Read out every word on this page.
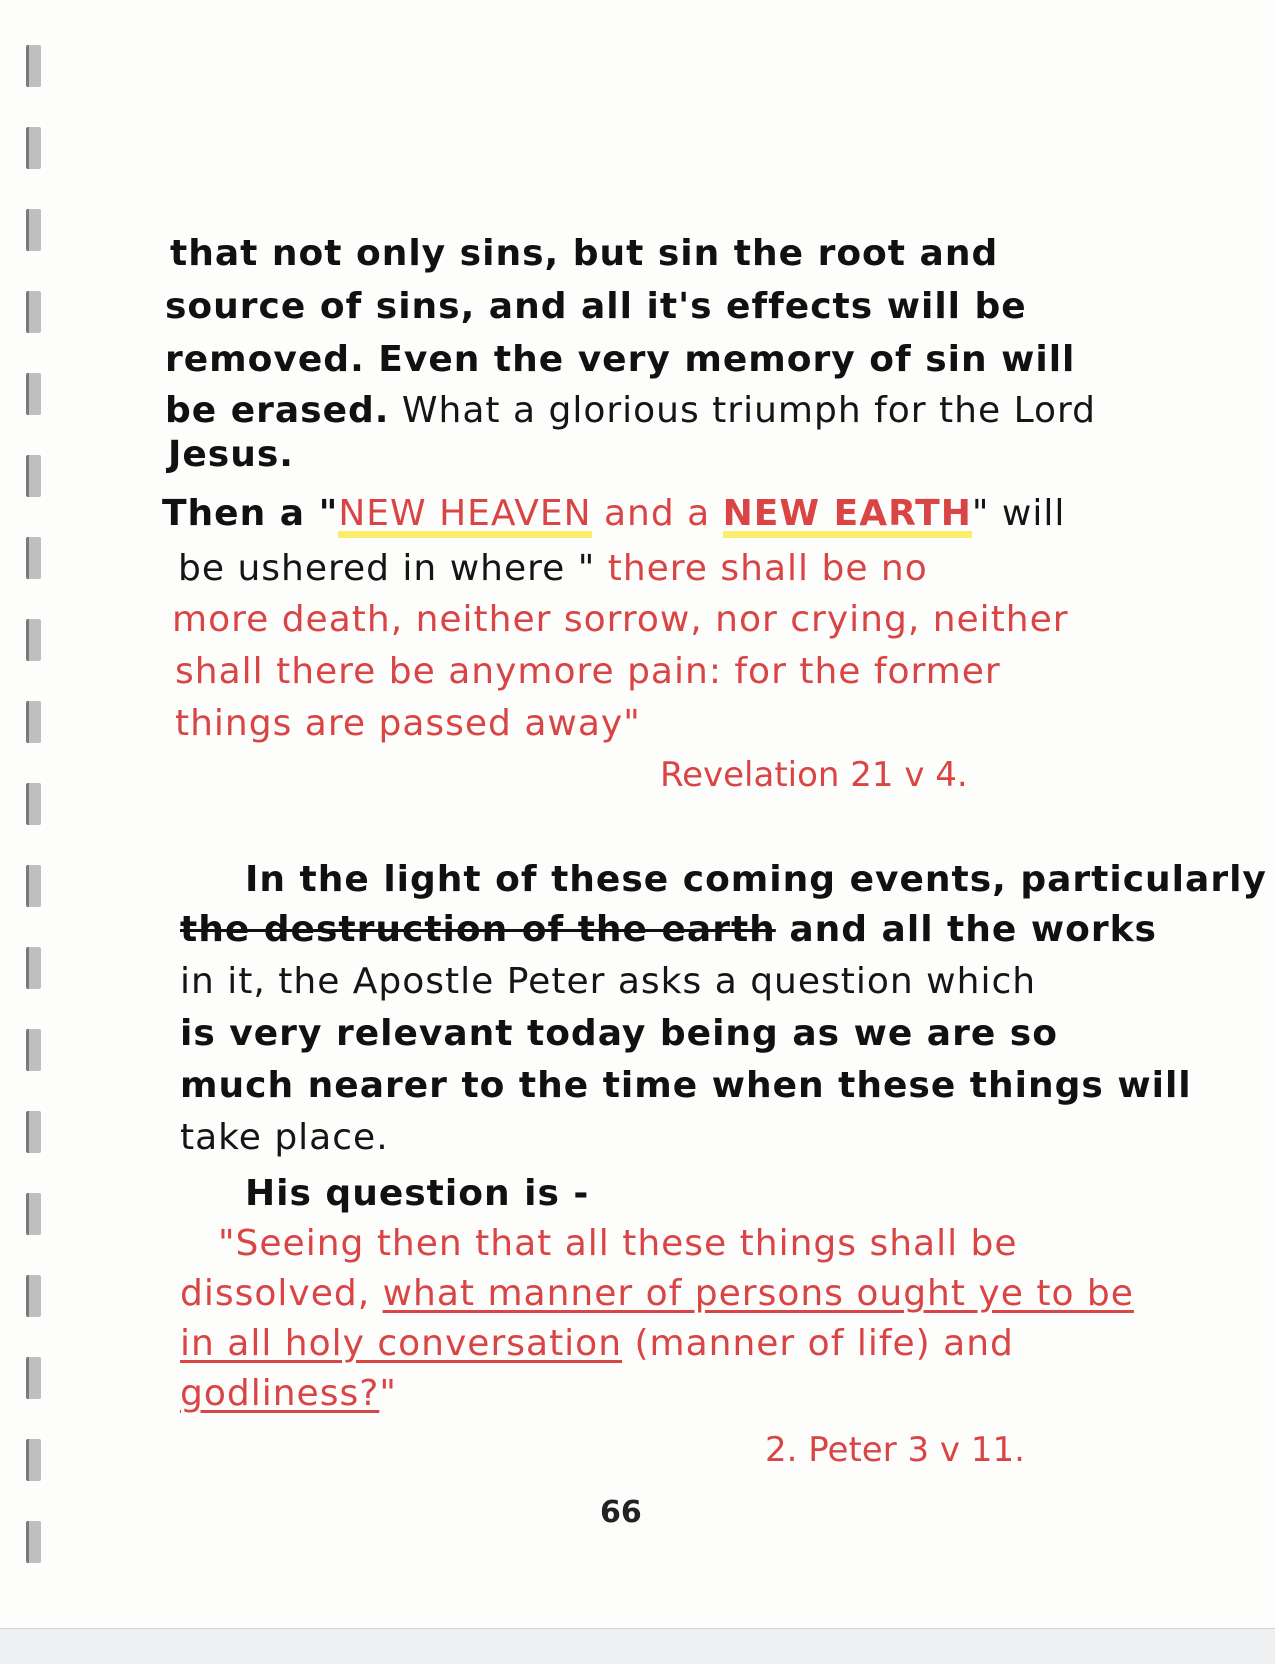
that not only sins, but sin the root and
source of sins, and all it's effects will be
removed. Even the very memory of sin will
be erased. What a glorious triumph for the Lord
Jesus.
Then a "NEW HEAVEN and a NEW EARTH" will
be ushered in where " there shall be no
more death, neither sorrow, nor crying, neither
shall there be anymore pain: for the former
things are passed away"
Revelation 21 v 4.
In the light of these coming events, particularly
the destruction of the earth and all the works
in it, the Apostle Peter asks a question which
is very relevant today being as we are so
much nearer to the time when these things will
take place.
His question is -
"Seeing then that all these things shall be
dissolved, what manner of persons ought ye to be
in all holy conversation (manner of life) and
godliness?"
2. Peter 3 v 11.
66
